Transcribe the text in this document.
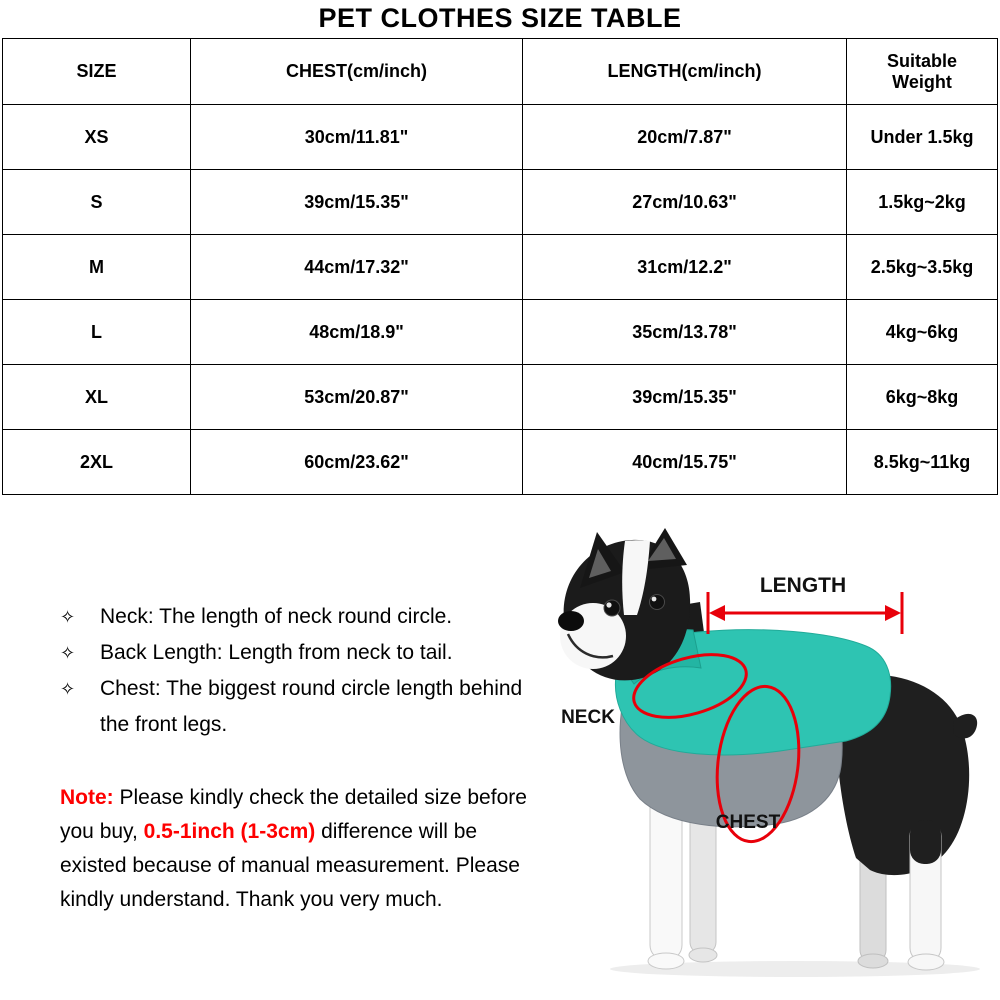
PET CLOTHES SIZE TABLE
SIZE	CHEST(cm/inch)	LENGTH(cm/inch)	Suitable Weight
XS	30cm/11.81"	20cm/7.87"	Under 1.5kg
S	39cm/15.35"	27cm/10.63"	1.5kg~2kg
M	44cm/17.32"	31cm/12.2"	2.5kg~3.5kg
L	48cm/18.9"	35cm/13.78"	4kg~6kg
XL	53cm/20.87"	39cm/15.35"	6kg~8kg
2XL	60cm/23.62"	40cm/15.75"	8.5kg~11kg
✧ Neck: The length of neck round circle.
✧ Back Length: Length from neck to tail.
✧ Chest: The biggest round circle length behind the front legs.

Note: Please kindly check the detailed size before you buy, 0.5-1inch (1-3cm) difference will be existed because of manual measurement. Please kindly understand. Thank you very much.

LENGTH
NECK
CHEST
